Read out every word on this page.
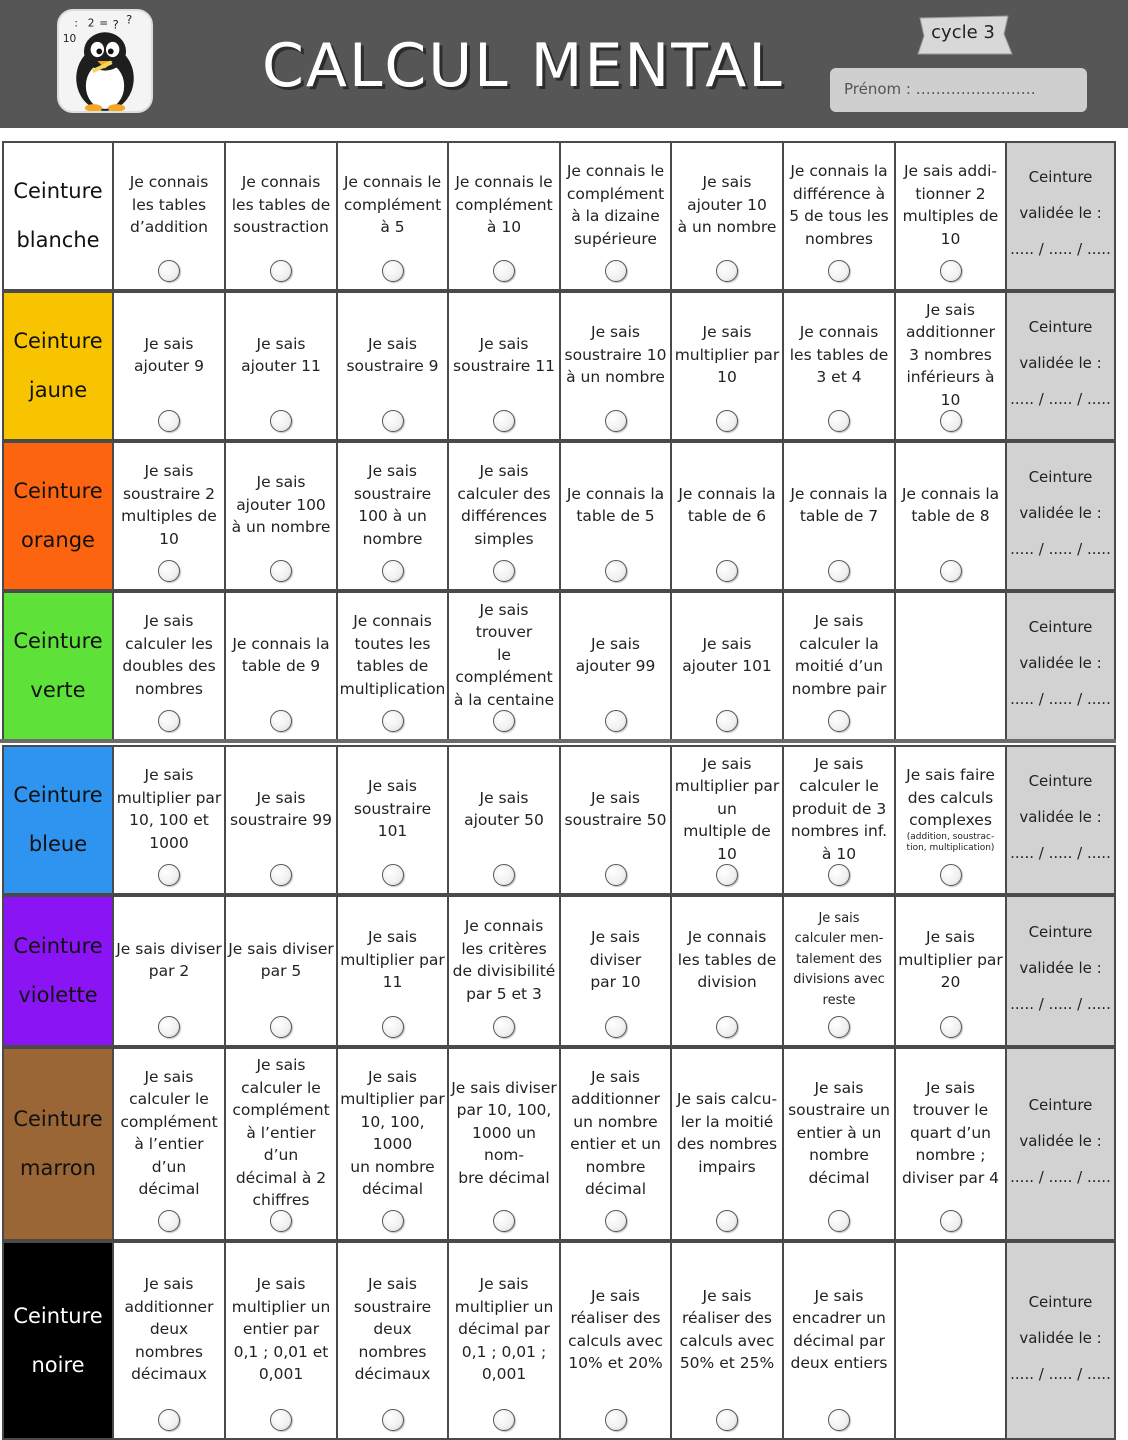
2 = ? ?
10
:
CALCUL MENTAL	cycle 3
Prénom : ……………………
Ceinture
blanche
Je connais
les tables
d’addition
Je connais
les tables de
soustraction
Je connais le
complément
à 5
Je connais le
complément
à 10
Je connais le
complément
à la dizaine
supérieure
Je sais
ajouter 10
à un nombre
Je connais la
différence à
5 de tous les
nombres
Je sais addi-
tionner 2
multiples de
10
Ceinture
validée le :
..... / ..... / .....
Ceinture
jaune
Je sais
ajouter 9
Je sais
ajouter 11
Je sais
soustraire 9
Je sais
soustraire 11
Je sais
soustraire 10
à un nombre
Je sais
multiplier par
10
Je connais
les tables de
3 et 4
Je sais
additionner
3 nombres
inférieurs à
10
Ceinture
validée le :
..... / ..... / .....
Ceinture
orange
Je sais
soustraire 2
multiples de
10
Je sais
ajouter 100
à un nombre
Je sais
soustraire
100 à un
nombre
Je sais
calculer des
différences
simples
Je connais la
table de 5
Je connais la
table de 6
Je connais la
table de 7
Je connais la
table de 8
Ceinture
validée le :
..... / ..... / .....
Ceinture
verte
Je sais
calculer les
doubles des
nombres
Je connais la
table de 9
Je connais
toutes les
tables de
multiplication
Je sais trouver
le
complément
à la centaine
Je sais
ajouter 99
Je sais
ajouter 101
Je sais
calculer la
moitié d’un
nombre pair
Ceinture
validée le :
..... / ..... / .....
Ceinture
bleue
Je sais
multiplier par
10, 100 et
1000
Je sais
soustraire 99
Je sais
soustraire
101
Je sais
ajouter 50
Je sais
soustraire 50
Je sais
multiplier par
un
multiple de
10
Je sais
calculer le
produit de 3
nombres inf.
à 10
Je sais faire
des calculs
complexes
(addition, soustrac-
tion, multiplication)
Ceinture
validée le :
..... / ..... / .....
Ceinture
violette
Je sais diviser
par 2
Je sais diviser
par 5
Je sais
multiplier par
11
Je connais
les critères
de divisibilité
par 5 et 3
Je sais diviser
par 10
Je connais
les tables de
division
Je sais
calculer men-
talement des
divisions avec
reste
Je sais
multiplier par
20
Ceinture
validée le :
..... / ..... / .....
Ceinture
marron
Je sais
calculer le
complément
à l’entier
d’un
décimal
Je sais
calculer le
complément
à l’entier
d’un
décimal à 2
chiffres
Je sais
multiplier par
10, 100, 1000
un nombre
décimal
Je sais diviser
par 10, 100,
1000 un nom-
bre décimal
Je sais
additionner
un nombre
entier et un
nombre
décimal
Je sais calcu-
ler la moitié
des nombres
impairs
Je sais
soustraire un
entier à un
nombre
décimal
Je sais
trouver le
quart d’un
nombre ;
diviser par 4
Ceinture
validée le :
..... / ..... / .....
Ceinture
noire
Je sais
additionner
deux
nombres
décimaux
Je sais
multiplier un
entier par
0,1 ; 0,01 et
0,001
Je sais
soustraire
deux
nombres
décimaux
Je sais
multiplier un
décimal par
0,1 ; 0,01 ;
0,001
Je sais
réaliser des
calculs avec
10% et 20%
Je sais
réaliser des
calculs avec
50% et 25%
Je sais
encadrer un
décimal par
deux entiers
Ceinture
validée le :
..... / ..... / .....
